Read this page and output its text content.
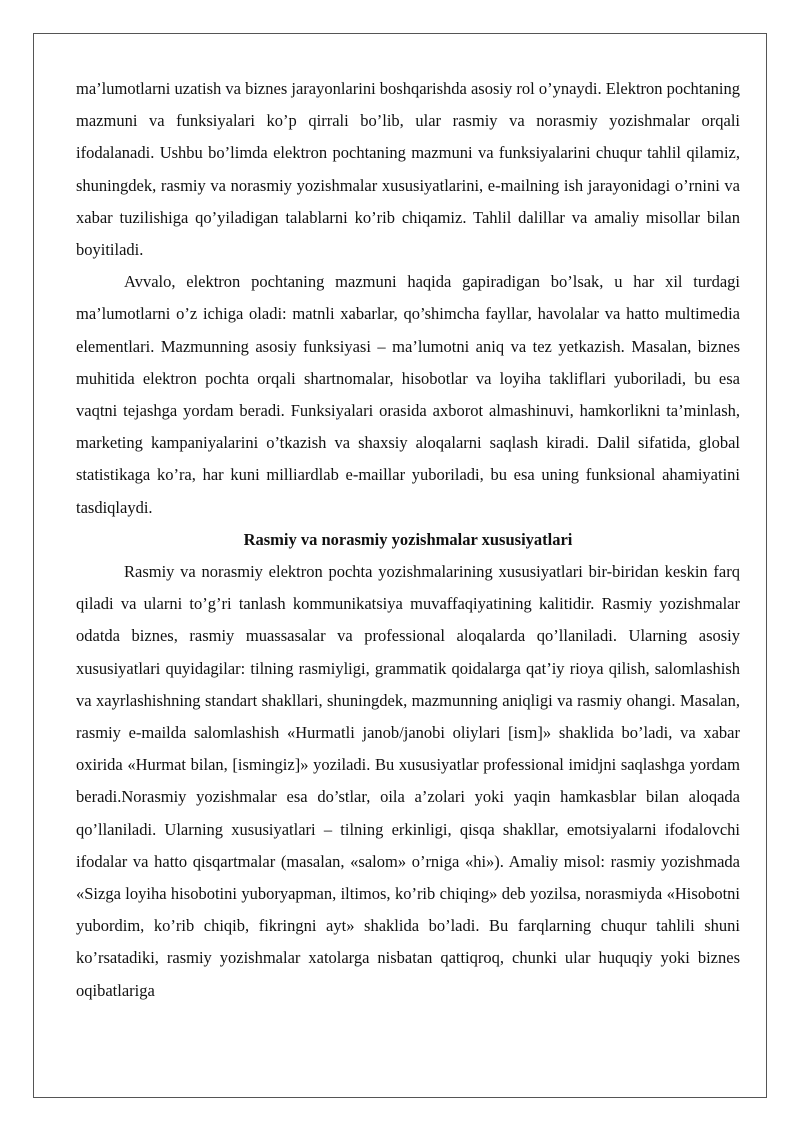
ma’lumotlarni uzatish va biznes jarayonlarini boshqarishda asosiy rol o’ynaydi. Elektron pochtaning mazmuni va funksiyalari ko’p qirrali bo’lib, ular rasmiy va norasmiy yozishmalar orqali ifodalanadi. Ushbu bo’limda elektron pochtaning mazmuni va funksiyalarini chuqur tahlil qilamiz, shuningdek, rasmiy va norasmiy yozishmalar xususiyatlarini, e-mailning ish jarayonidagi o’rnini va xabar tuzilishiga qo’yiladigan talablarni ko’rib chiqamiz. Tahlil dalillar va amaliy misollar bilan boyitiladi.

Avvalo, elektron pochtaning mazmuni haqida gapiradigan bo’lsak, u har xil turdagi ma’lumotlarni o’z ichiga oladi: matnli xabarlar, qo’shimcha fayllar, havolalar va hatto multimedia elementlari. Mazmunning asosiy funksiyasi – ma’lumotni aniq va tez yetkazish. Masalan, biznes muhitida elektron pochta orqali shartnomalar, hisobotlar va loyiha takliflari yuboriladi, bu esa vaqtni tejashga yordam beradi. Funksiyalari orasida axborot almashinuvi, hamkorlikni ta’minlash, marketing kampaniyalarini o’tkazish va shaxsiy aloqalarni saqlash kiradi. Dalil sifatida, global statistikaga ko’ra, har kuni milliardlab e-maillar yuboriladi, bu esa uning funksional ahamiyatini tasdiqlaydi.

Rasmiy va norasmiy yozishmalar xususiyatlari

Rasmiy va norasmiy elektron pochta yozishmalarining xususiyatlari bir-biridan keskin farq qiladi va ularni to’g’ri tanlash kommunikatsiya muvaffaqiyatining kalitidir. Rasmiy yozishmalar odatda biznes, rasmiy muassasalar va professional aloqalarda qo’llaniladi. Ularning asosiy xususiyatlari quyidagilar: tilning rasmiyligi, grammatik qoidalarga qat’iy rioya qilish, salomlashish va xayrlashishning standart shakllari, shuningdek, mazmunning aniqligi va rasmiy ohangi. Masalan, rasmiy e-mailda salomlashish «Hurmatli janob/janobi oliylari [ism]» shaklida bo’ladi, va xabar oxirida «Hurmat bilan, [ismingiz]» yoziladi. Bu xususiyatlar professional imidjni saqlashga yordam beradi.Norasmiy yozishmalar esa do’stlar, oila a’zolari yoki yaqin hamkasblar bilan aloqada qo’llaniladi. Ularning xususiyatlari – tilning erkinligi, qisqa shakllar, emotsiyalarni ifodalovchi ifodalar va hatto qisqartmalar (masalan, «salom» o’rniga «hi»). Amaliy misol: rasmiy yozishmada «Sizga loyiha hisobotini yuboryapman, iltimos, ko’rib chiqing» deb yozilsa, norasmiyda «Hisobotni yubordim, ko’rib chiqib, fikringni ayt» shaklida bo’ladi. Bu farqlarning chuqur tahlili shuni ko’rsatadiki, rasmiy yozishmalar xatolarga nisbatan qattiqroq, chunki ular huquqiy yoki biznes oqibatlariga
